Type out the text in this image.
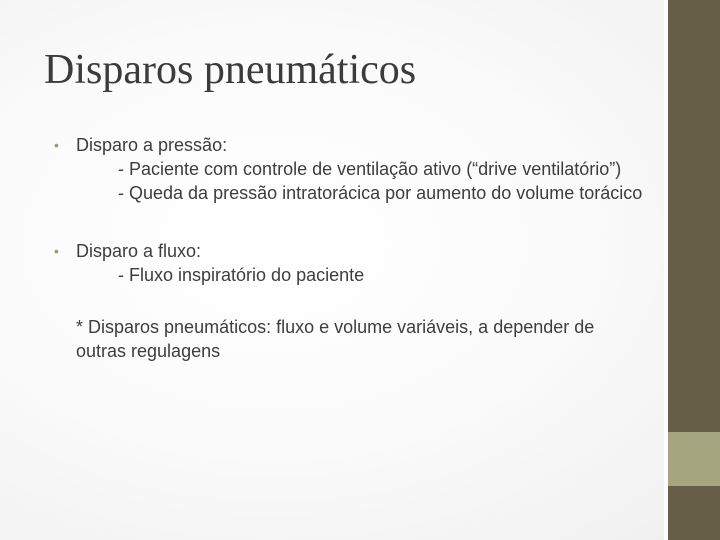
Disparos pneumáticos
• Disparo a pressão:
- Paciente com controle de ventilação ativo (“drive ventilatório”)
- Queda da pressão intratorácica por aumento do volume torácico
• Disparo a fluxo:
- Fluxo inspiratório do paciente
* Disparos pneumáticos: fluxo e volume variáveis, a depender de outras regulagens
